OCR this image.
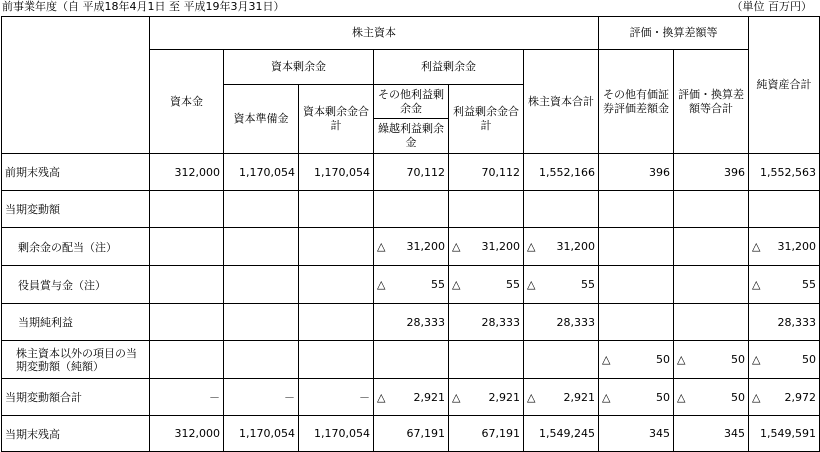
前事業年度（自 平成18年4月1日 至 平成19年3月31日）	（単位 百万円）
	株主資本						評価・換算差額等		純資産合計
	資本金	資本剰余金		利益剰余金		株主資本合計	その他有価証券評価差額金	評価・換算差額等合計	
		資本準備金	資本剰余金合計	その他利益剰余金	利益剰余金合計				
				繰越利益剰余金					
前期末残高	312,000	1,170,054	1,170,054	70,112	70,112	1,552,166	396	396	1,552,563
当期変動額									
剰余金の配当（注）				△ 31,200	△ 31,200	△ 31,200			△ 31,200
役員賞与金（注）				△ 55	△ 55	△ 55			△ 55
当期純利益				28,333	28,333	28,333			28,333
株主資本以外の項目の当期変動額（純額）							△ 50	△ 50	△ 50
当期変動額合計	－	－	－	△ 2,921	△ 2,921	△ 2,921	△ 50	△ 50	△ 2,972
当期末残高	312,000	1,170,054	1,170,054	67,191	67,191	1,549,245	345	345	1,549,591
